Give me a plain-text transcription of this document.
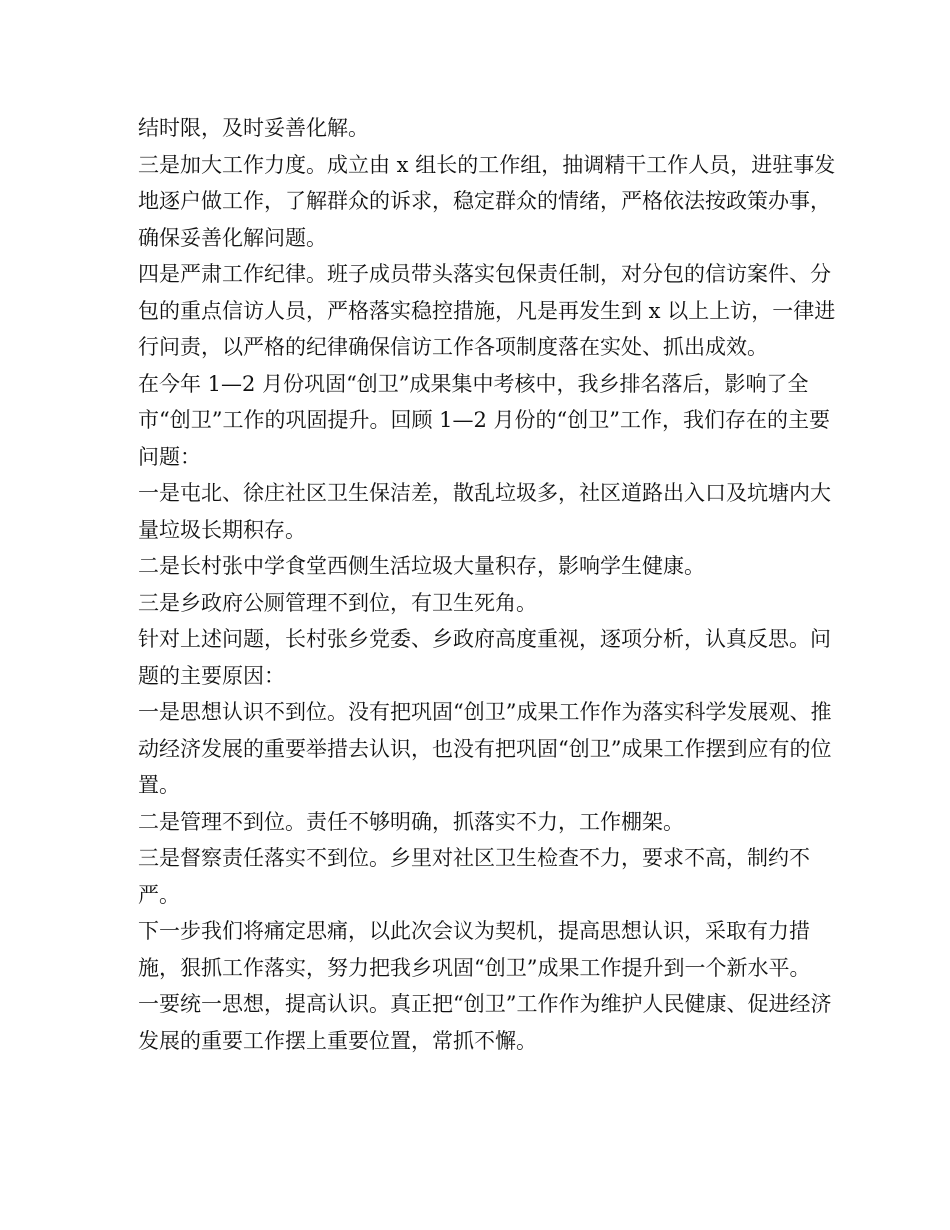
结时限，及时妥善化解。

三是加大工作力度。成立由 x 组长的工作组，抽调精干工作人员，进驻事发地逐户做工作，了解群众的诉求，稳定群众的情绪，严格依法按政策办事，确保妥善化解问题。

四是严肃工作纪律。班子成员带头落实包保责任制，对分包的信访案件、分包的重点信访人员，严格落实稳控措施，凡是再发生到 x 以上上访，一律进行问责，以严格的纪律确保信访工作各项制度落在实处、抓出成效。

在今年 1—2 月份巩固“创卫”成果集中考核中，我乡排名落后，影响了全市“创卫”工作的巩固提升。回顾 1—2 月份的“创卫”工作，我们存在的主要问题：

一是屯北、徐庄社区卫生保洁差，散乱垃圾多，社区道路出入口及坑塘内大量垃圾长期积存。

二是长村张中学食堂西侧生活垃圾大量积存，影响学生健康。

三是乡政府公厕管理不到位，有卫生死角。

针对上述问题，长村张乡党委、乡政府高度重视，逐项分析，认真反思。问题的主要原因：

一是思想认识不到位。没有把巩固“创卫”成果工作作为落实科学发展观、推动经济发展的重要举措去认识，也没有把巩固“创卫”成果工作摆到应有的位置。

二是管理不到位。责任不够明确，抓落实不力，工作棚架。

三是督察责任落实不到位。乡里对社区卫生检查不力，要求不高，制约不严。

下一步我们将痛定思痛，以此次会议为契机，提高思想认识，采取有力措施，狠抓工作落实，努力把我乡巩固“创卫”成果工作提升到一个新水平。

一要统一思想，提高认识。真正把“创卫”工作作为维护人民健康、促进经济发展的重要工作摆上重要位置，常抓不懈。
